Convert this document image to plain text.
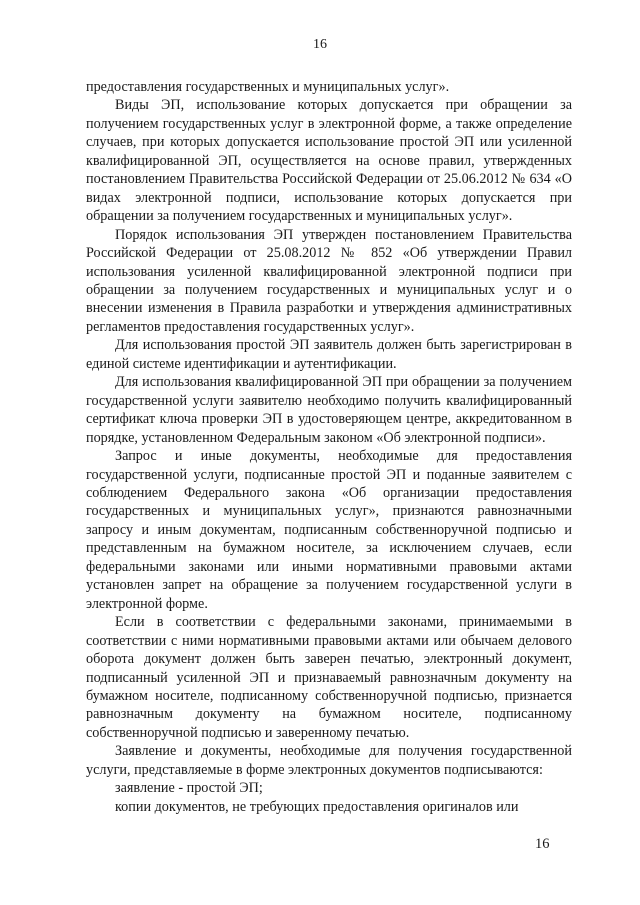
16

предоставления государственных и муниципальных услуг».

Виды ЭП, использование которых допускается при обращении за получением государственных услуг в электронной форме, а также определение случаев, при которых допускается использование простой ЭП или усиленной квалифицированной ЭП, осуществляется на основе правил, утвержденных постановлением Правительства Российской Федерации от 25.06.2012 № 634 «О видах электронной подписи, использование которых допускается при обращении за получением государственных и муниципальных услуг».

Порядок использования ЭП утвержден постановлением Правительства Российской Федерации от 25.08.2012 № 852 «Об утверждении Правил использования усиленной квалифицированной электронной подписи при обращении за получением государственных и муниципальных услуг и о внесении изменения в Правила разработки и утверждения административных регламентов предоставления государственных услуг».

Для использования простой ЭП заявитель должен быть зарегистрирован в единой системе идентификации и аутентификации.

Для использования квалифицированной ЭП при обращении за получением государственной услуги заявителю необходимо получить квалифицированный сертификат ключа проверки ЭП в удостоверяющем центре, аккредитованном в порядке, установленном Федеральным законом «Об электронной подписи».

Запрос и иные документы, необходимые для предоставления государственной услуги, подписанные простой ЭП и поданные заявителем с соблюдением Федерального закона «Об организации предоставления государственных и муниципальных услуг», признаются равнозначными запросу и иным документам, подписанным собственноручной подписью и представленным на бумажном носителе, за исключением случаев, если федеральными законами или иными нормативными правовыми актами установлен запрет на обращение за получением государственной услуги в электронной форме.

Если в соответствии с федеральными законами, принимаемыми в соответствии с ними нормативными правовыми актами или обычаем делового оборота документ должен быть заверен печатью, электронный документ, подписанный усиленной ЭП и признаваемый равнозначным документу на бумажном носителе, подписанному собственноручной подписью, признается равнозначным документу на бумажном носителе, подписанному собственноручной подписью и заверенному печатью.

Заявление и документы, необходимые для получения государственной услуги, представляемые в форме электронных документов подписываются:

заявление - простой ЭП;

копии документов, не требующих предоставления оригиналов или

16
